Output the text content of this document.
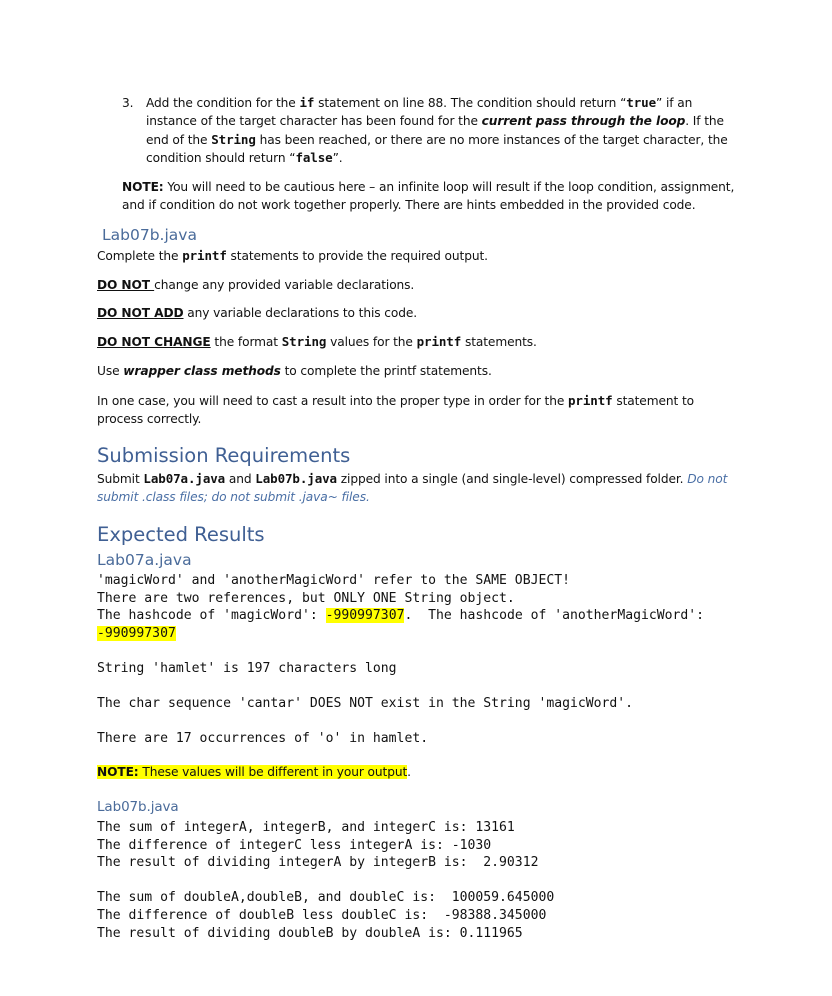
3. Add the condition for the if statement on line 88. The condition should return “true” if an instance of the target character has been found for the current pass through the loop. If the end of the String has been reached, or there are no more instances of the target character, the condition should return “false”.
NOTE: You will need to be cautious here – an infinite loop will result if the loop condition, assignment, and if condition do not work together properly. There are hints embedded in the provided code.
Lab07b.java
Complete the printf statements to provide the required output.
DO NOT change any provided variable declarations.
DO NOT ADD any variable declarations to this code.
DO NOT CHANGE the format String values for the printf statements.
Use wrapper class methods to complete the printf statements.
In one case, you will need to cast a result into the proper type in order for the printf statement to process correctly.
Submission Requirements
Submit Lab07a.java and Lab07b.java zipped into a single (and single-level) compressed folder. Do not submit .class files; do not submit .java~ files.
Expected Results
Lab07a.java
'magicWord' and 'anotherMagicWord' refer to the SAME OBJECT!
There are two references, but ONLY ONE String object.
The hashcode of 'magicWord': -990997307.  The hashcode of 'anotherMagicWord':
-990997307
String 'hamlet' is 197 characters long
The char sequence 'cantar' DOES NOT exist in the String 'magicWord'.
There are 17 occurrences of 'o' in hamlet.
NOTE: These values will be different in your output.
Lab07b.java
The sum of integerA, integerB, and integerC is: 13161
The difference of integerC less integerA is: -1030
The result of dividing integerA by integerB is:  2.90312
The sum of doubleA,doubleB, and doubleC is:  100059.645000
The difference of doubleB less doubleC is:  -98388.345000
The result of dividing doubleB by doubleA is: 0.111965
